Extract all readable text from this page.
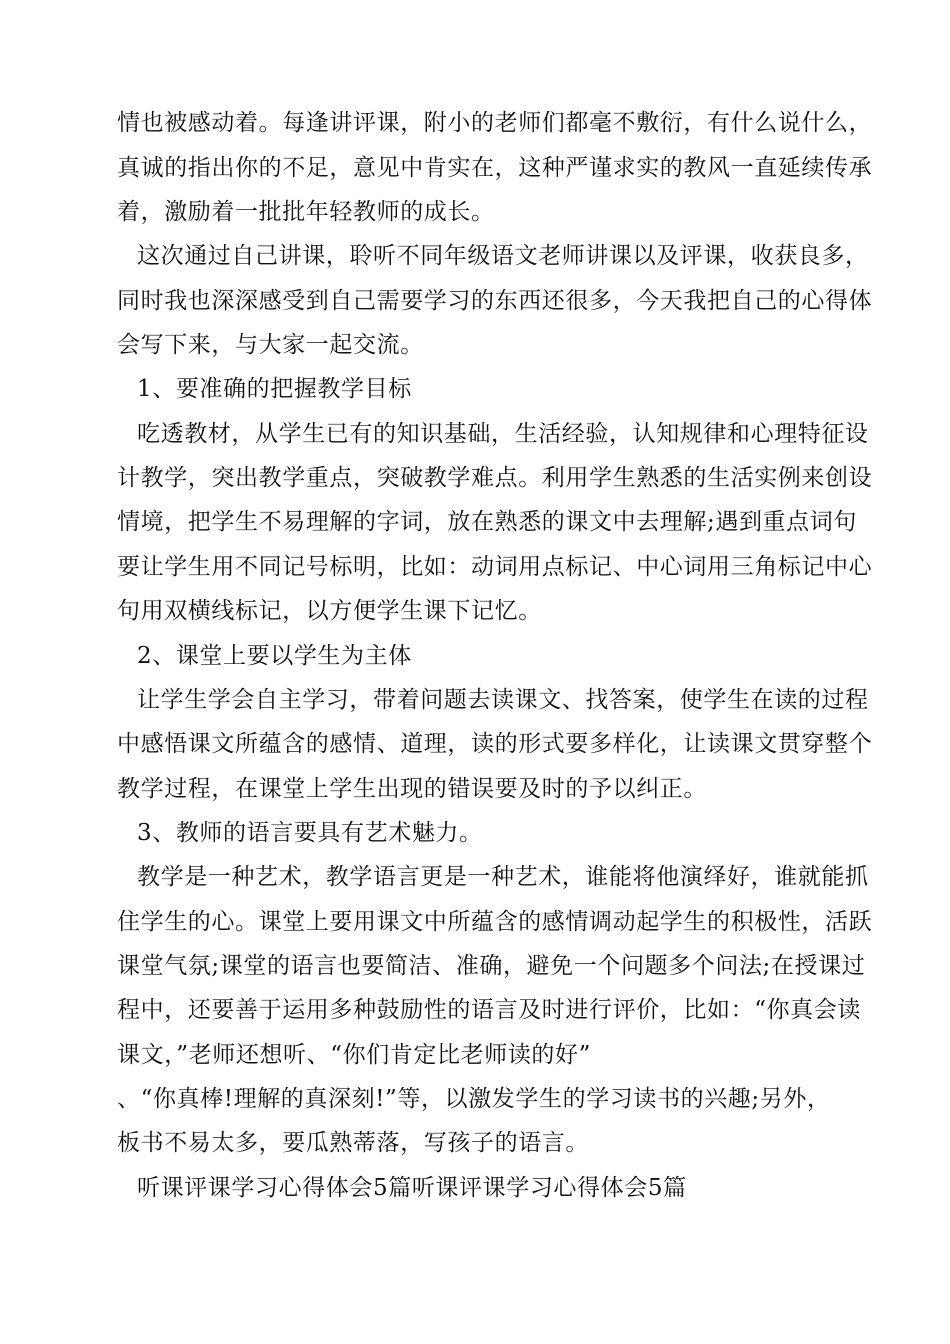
情也被感动着。每逢讲评课，附小的老师们都毫不敷衍，有什么说什么，

真诚的指出你的不足，意见中肯实在，这种严谨求实的教风一直延续传承

着，激励着一批批年轻教师的成长。

这次通过自己讲课，聆听不同年级语文老师讲课以及评课，收获良多，

同时我也深深感受到自己需要学习的东西还很多，今天我把自己的心得体

会写下来，与大家一起交流。

1、要准确的把握教学目标

吃透教材，从学生已有的知识基础，生活经验，认知规律和心理特征设

计教学，突出教学重点，突破教学难点。利用学生熟悉的生活实例来创设

情境，把学生不易理解的字词，放在熟悉的课文中去理解;遇到重点词句

要让学生用不同记号标明，比如：动词用点标记、中心词用三角标记中心

句用双横线标记，以方便学生课下记忆。

2、课堂上要以学生为主体

让学生学会自主学习，带着问题去读课文、找答案，使学生在读的过程

中感悟课文所蕴含的感情、道理，读的形式要多样化，让读课文贯穿整个

教学过程，在课堂上学生出现的错误要及时的予以纠正。

3、教师的语言要具有艺术魅力。

教学是一种艺术，教学语言更是一种艺术，谁能将他演绎好，谁就能抓

住学生的心。课堂上要用课文中所蕴含的感情调动起学生的积极性，活跃

课堂气氛;课堂的语言也要简洁、准确，避免一个问题多个问法;在授课过

程中，还要善于运用多种鼓励性的语言及时进行评价，比如：“你真会读

课文，”老师还想听、“你们肯定比老师读的好”

、“你真棒!理解的真深刻!”等，以激发学生的学习读书的兴趣;另外，

板书不易太多，要瓜熟蒂落，写孩子的语言。

听课评课学习心得体会5篇听课评课学习心得体会5篇
